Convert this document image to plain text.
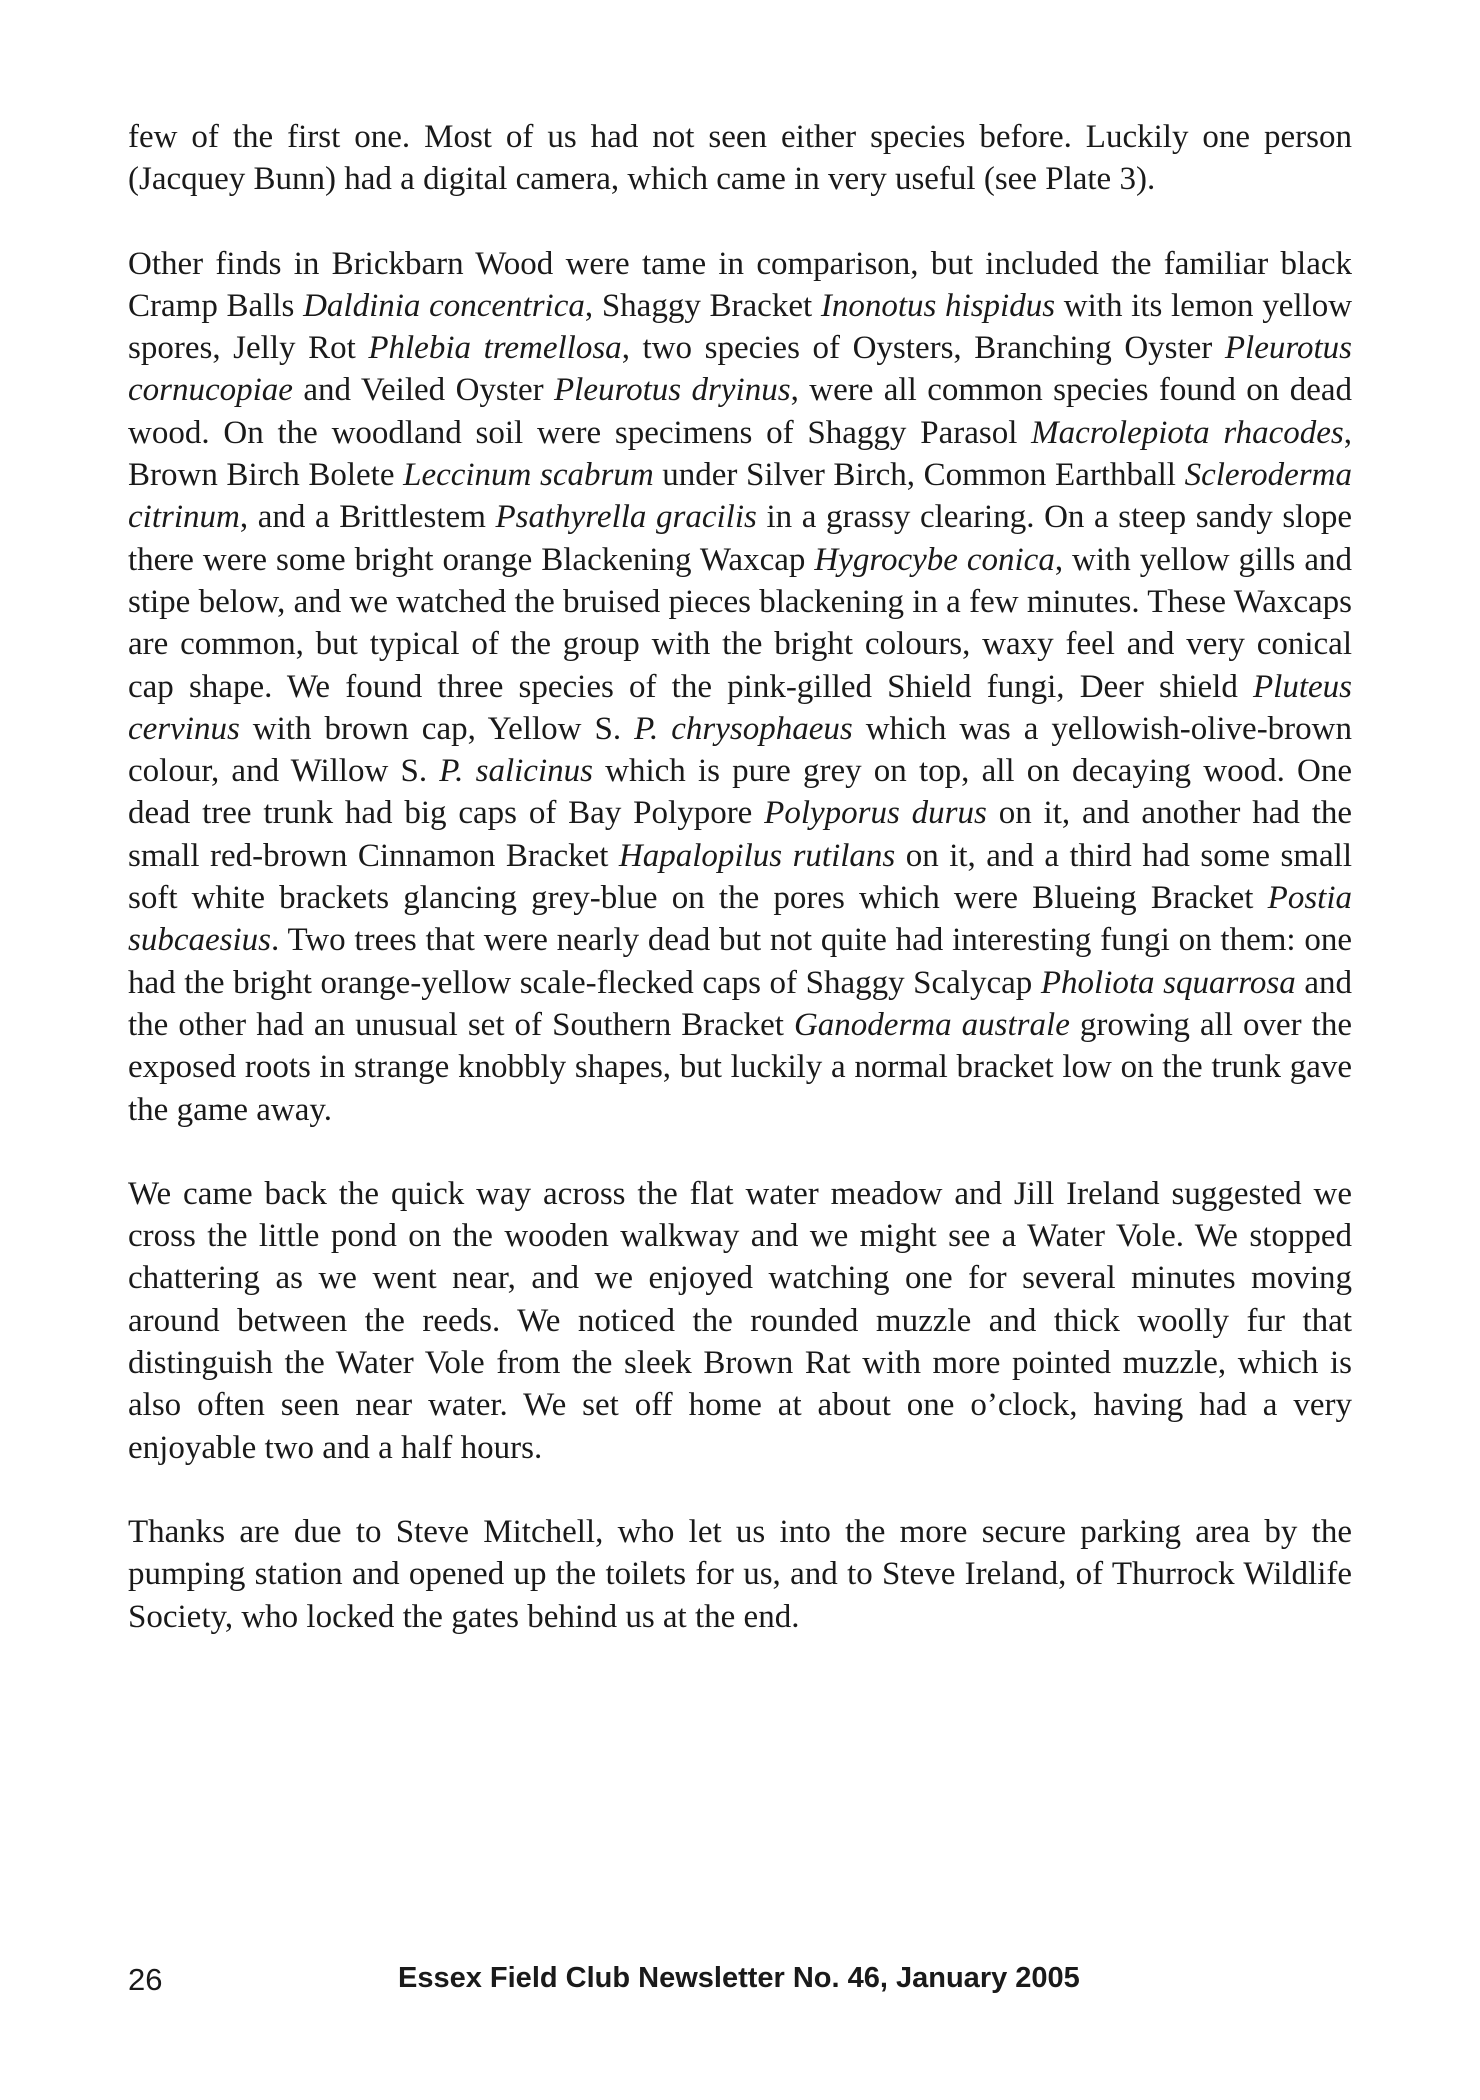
few of the first one. Most of us had not seen either species before. Luckily one person (Jacquey Bunn) had a digital camera, which came in very useful (see Plate 3).

Other finds in Brickbarn Wood were tame in comparison, but included the familiar black Cramp Balls Daldinia concentrica, Shaggy Bracket Inonotus hispidus with its lemon yellow spores, Jelly Rot Phlebia tremellosa, two species of Oysters, Branching Oyster Pleurotus cornucopiae and Veiled Oyster Pleurotus dryinus, were all common species found on dead wood. On the woodland soil were specimens of Shaggy Parasol Macrolepiota rhacodes, Brown Birch Bolete Leccinum scabrum under Silver Birch, Common Earthball Scleroderma citrinum, and a Brittlestem Psathyrella gracilis in a grassy clearing. On a steep sandy slope there were some bright orange Blackening Waxcap Hygrocybe conica, with yellow gills and stipe below, and we watched the bruised pieces blackening in a few minutes. These Waxcaps are common, but typical of the group with the bright colours, waxy feel and very conical cap shape. We found three species of the pink-gilled Shield fungi, Deer shield Pluteus cervinus with brown cap, Yellow S. P. chrysophaeus which was a yellowish-olive-brown colour, and Willow S. P. salicinus which is pure grey on top, all on decaying wood. One dead tree trunk had big caps of Bay Polypore Polyporus durus on it, and another had the small red-brown Cinnamon Bracket Hapalopilus rutilans on it, and a third had some small soft white brackets glancing grey-blue on the pores which were Blueing Bracket Postia subcaesius. Two trees that were nearly dead but not quite had interesting fungi on them: one had the bright orange-yellow scale-flecked caps of Shaggy Scalycap Pholiota squarrosa and the other had an unusual set of Southern Bracket Ganoderma australe growing all over the exposed roots in strange knobbly shapes, but luckily a normal bracket low on the trunk gave the game away.

We came back the quick way across the flat water meadow and Jill Ireland suggested we cross the little pond on the wooden walkway and we might see a Water Vole. We stopped chattering as we went near, and we enjoyed watching one for several minutes moving around between the reeds. We noticed the rounded muzzle and thick woolly fur that distinguish the Water Vole from the sleek Brown Rat with more pointed muzzle, which is also often seen near water. We set off home at about one o’clock, having had a very enjoyable two and a half hours.

Thanks are due to Steve Mitchell, who let us into the more secure parking area by the pumping station and opened up the toilets for us, and to Steve Ireland, of Thurrock Wildlife Society, who locked the gates behind us at the end.

26	Essex Field Club Newsletter No. 46, January 2005
